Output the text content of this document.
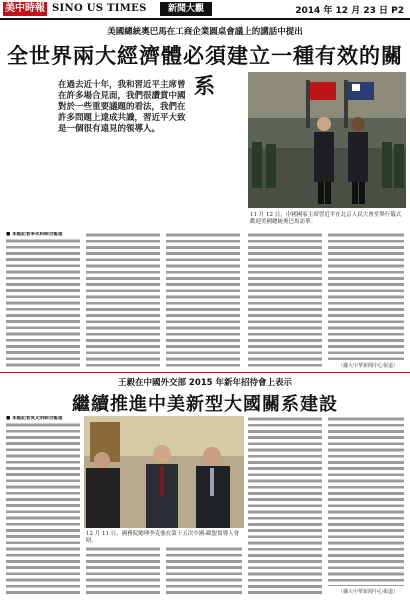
美中時報 SINO US TIMES	新聞大觀	2014 年 12 月 23 日 P2
美國總統奧巴馬在工商企業圓桌會議上的講話中提出
全世界兩大經濟體必須建立一種有效的關系
在過去近十年，我和習近平主席曾在許多場合見面，我們很讚賞中國對於一些重要議題的看法，我們在許多問題上達成共識，習近平大致是一個很有遠見的領導人。
11 月 12 日，中國國家主席習近平在北京人民大會堂舉行儀式歡迎美國總統奧巴馬訪華。
■ 本報記者李永和綜合報道
（據大中華新聞中心報道）
王毅在中國外交部 2015 年新年招待會上表示
繼續推進中美新型大國關系建設
■ 本報記者吳文明綜合報道
12 月 11 日，國務院總理李克強在第十五次中國-歐盟領導人會晤。
（據大中華新聞中心報道）
